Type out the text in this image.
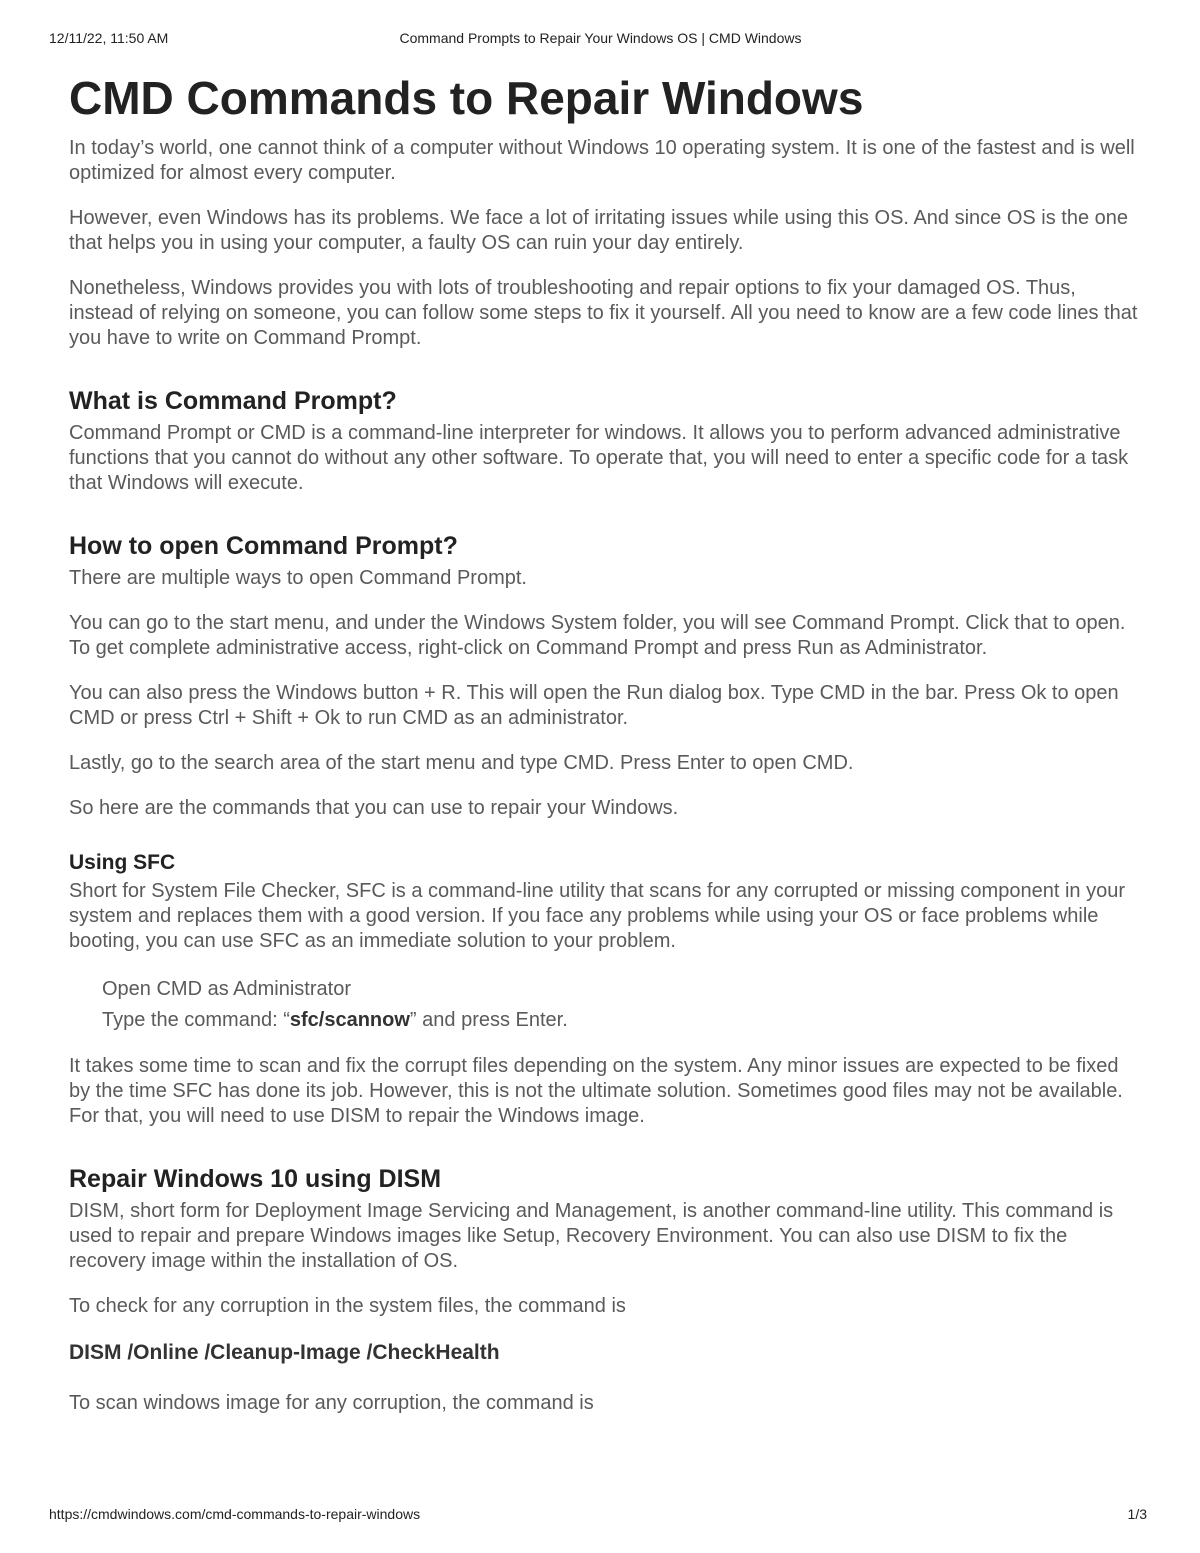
12/11/22, 11:50 AM	Command Prompts to Repair Your Windows OS | CMD Windows
CMD Commands to Repair Windows

In today’s world, one cannot think of a computer without Windows 10 operating system. It is one of the fastest and is well optimized for almost every computer.

However, even Windows has its problems. We face a lot of irritating issues while using this OS. And since OS is the one that helps you in using your computer, a faulty OS can ruin your day entirely.

Nonetheless, Windows provides you with lots of troubleshooting and repair options to fix your damaged OS. Thus, instead of relying on someone, you can follow some steps to fix it yourself. All you need to know are a few code lines that you have to write on Command Prompt.

What is Command Prompt?

Command Prompt or CMD is a command-line interpreter for windows. It allows you to perform advanced administrative functions that you cannot do without any other software. To operate that, you will need to enter a specific code for a task that Windows will execute.

How to open Command Prompt?

There are multiple ways to open Command Prompt.

You can go to the start menu, and under the Windows System folder, you will see Command Prompt. Click that to open. To get complete administrative access, right-click on Command Prompt and press Run as Administrator.

You can also press the Windows button + R. This will open the Run dialog box. Type CMD in the bar. Press Ok to open CMD or press Ctrl + Shift + Ok to run CMD as an administrator.

Lastly, go to the search area of the start menu and type CMD. Press Enter to open CMD.

So here are the commands that you can use to repair your Windows.

Using SFC

Short for System File Checker, SFC is a command-line utility that scans for any corrupted or missing component in your system and replaces them with a good version. If you face any problems while using your OS or face problems while booting, you can use SFC as an immediate solution to your problem.

Open CMD as Administrator
Type the command: “sfc/scannow” and press Enter.

It takes some time to scan and fix the corrupt files depending on the system. Any minor issues are expected to be fixed by the time SFC has done its job. However, this is not the ultimate solution. Sometimes good files may not be available. For that, you will need to use DISM to repair the Windows image.

Repair Windows 10 using DISM

DISM, short form for Deployment Image Servicing and Management, is another command-line utility. This command is used to repair and prepare Windows images like Setup, Recovery Environment. You can also use DISM to fix the recovery image within the installation of OS.

To check for any corruption in the system files, the command is

DISM /Online /Cleanup-Image /CheckHealth

To scan windows image for any corruption, the command is

https://cmdwindows.com/cmd-commands-to-repair-windows	1/3
